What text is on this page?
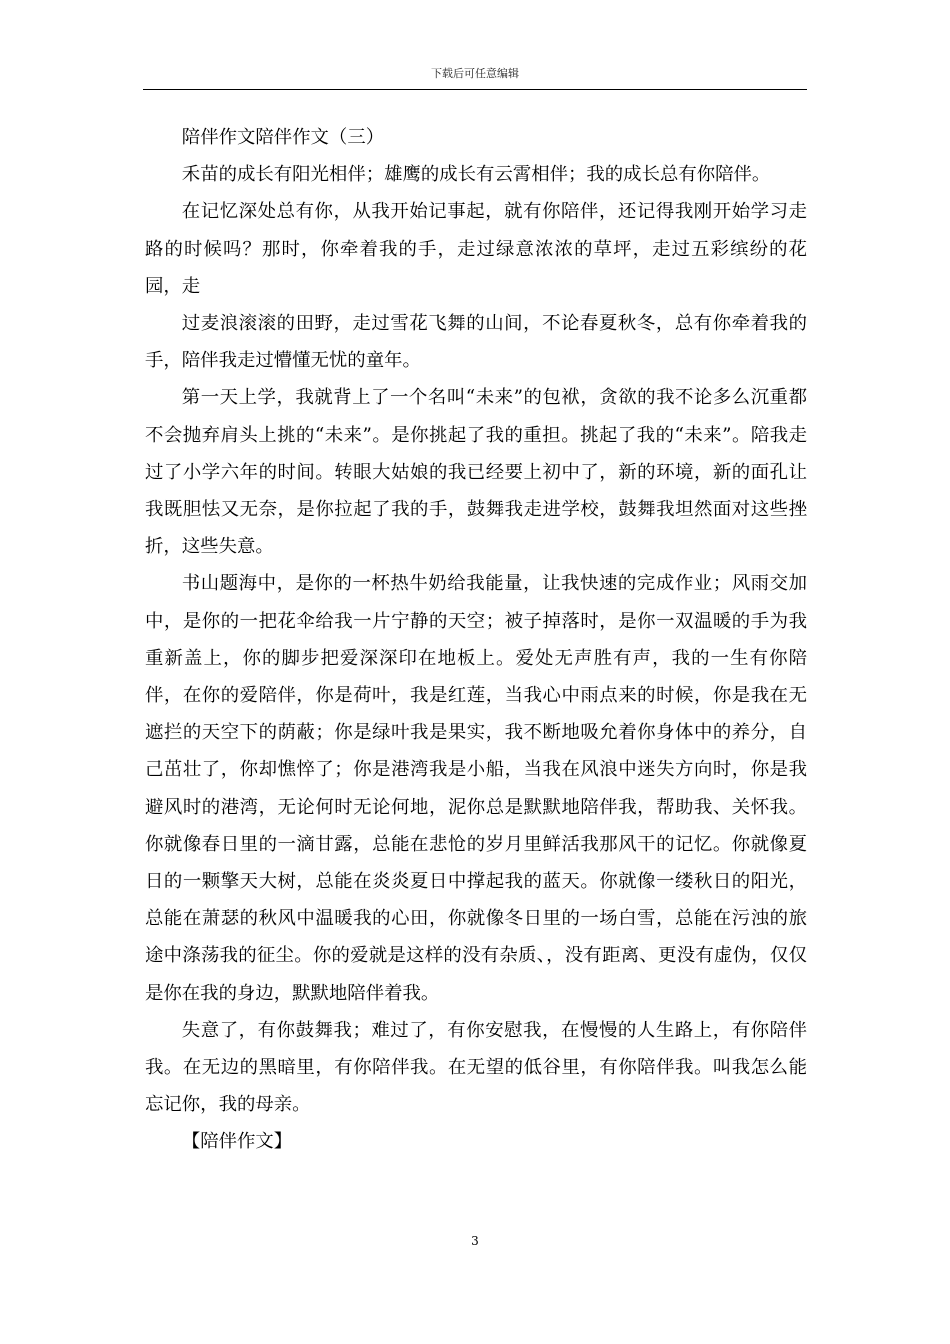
下载后可任意编辑

陪伴作文陪伴作文（三）

禾苗的成长有阳光相伴；雄鹰的成长有云霄相伴；我的成长总有你陪伴。

在记忆深处总有你，从我开始记事起，就有你陪伴，还记得我刚开始学习走路的时候吗？那时，你牵着我的手，走过绿意浓浓的草坪，走过五彩缤纷的花园，走

过麦浪滚滚的田野，走过雪花飞舞的山间，不论春夏秋冬，总有你牵着我的手，陪伴我走过懵懂无忧的童年。

第一天上学，我就背上了一个名叫“未来”的包袱，贪欲的我不论多么沉重都不会抛弃肩头上挑的“未来”。是你挑起了我的重担。挑起了我的“未来”。陪我走过了小学六年的时间。转眼大姑娘的我已经要上初中了，新的环境，新的面孔让我既胆怯又无奈，是你拉起了我的手，鼓舞我走进学校，鼓舞我坦然面对这些挫折，这些失意。

书山题海中，是你的一杯热牛奶给我能量，让我快速的完成作业；风雨交加中，是你的一把花伞给我一片宁静的天空；被子掉落时，是你一双温暖的手为我重新盖上，你的脚步把爱深深印在地板上。爱处无声胜有声，我的一生有你陪伴，在你的爱陪伴，你是荷叶，我是红莲，当我心中雨点来的时候，你是我在无遮拦的天空下的荫蔽；你是绿叶我是果实，我不断地吸允着你身体中的养分，自己茁壮了，你却憔悴了；你是港湾我是小船，当我在风浪中迷失方向时，你是我避风时的港湾，无论何时无论何地，泥你总是默默地陪伴我，帮助我、关怀我。你就像春日里的一滴甘露，总能在悲怆的岁月里鲜活我那风干的记忆。你就像夏日的一颗擎天大树，总能在炎炎夏日中撑起我的蓝天。你就像一缕秋日的阳光，总能在萧瑟的秋风中温暖我的心田，你就像冬日里的一场白雪，总能在污浊的旅途中涤荡我的征尘。你的爱就是这样的没有杂质、，没有距离、更没有虚伪，仅仅是你在我的身边，默默地陪伴着我。

失意了，有你鼓舞我；难过了，有你安慰我，在慢慢的人生路上，有你陪伴我。在无边的黑暗里，有你陪伴我。在无望的低谷里，有你陪伴我。叫我怎么能忘记你，我的母亲。

【陪伴作文】

3
